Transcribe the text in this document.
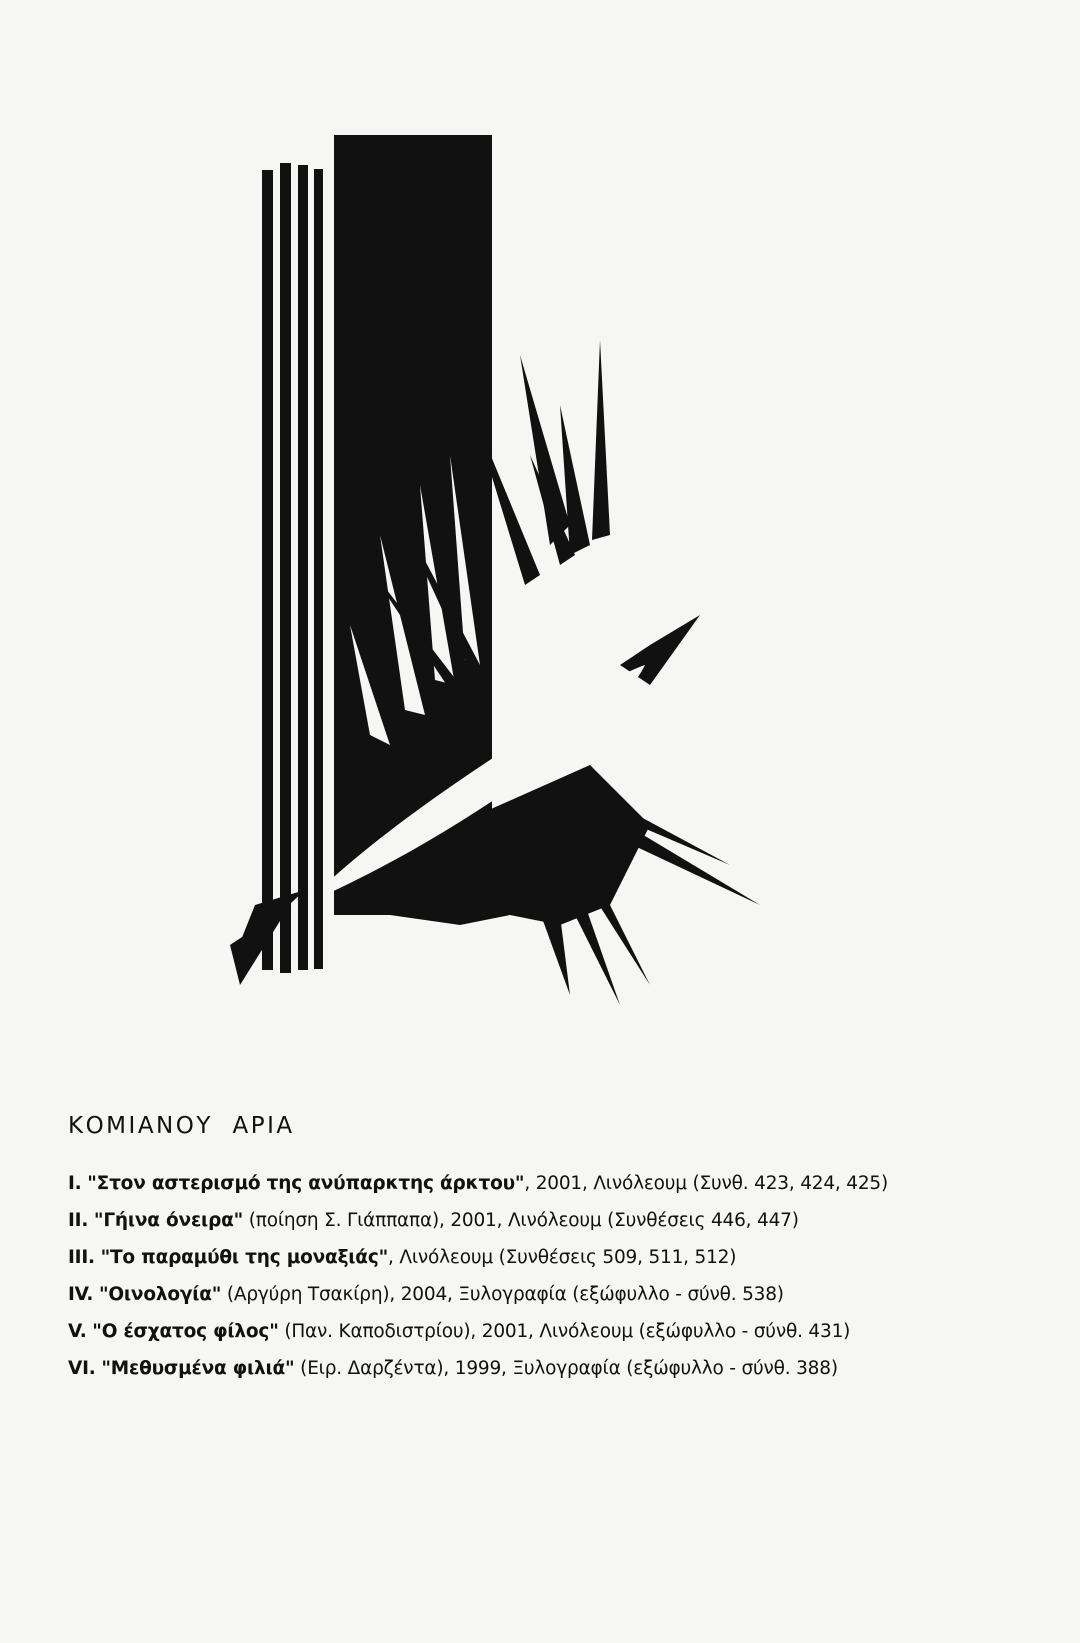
ΚΟΜΙΑΝΟΥ  ΑΡΙΑ
I. "Στον αστερισμό της ανύπαρκτης άρκτου", 2001, Λινόλεουμ (Συνθ. 423, 424, 425)
II. "Γήινα όνειρα" (ποίηση Σ. Γιάππαπα), 2001, Λινόλεουμ (Συνθέσεις 446, 447)
III. "Το παραμύθι της μοναξιάς", Λινόλεουμ (Συνθέσεις 509, 511, 512)
IV. "Οινολογία" (Αργύρη Τσακίρη), 2004, Ξυλογραφία (εξώφυλλο - σύνθ. 538)
V. "Ο έσχατος φίλος" (Παν. Καποδιστρίου), 2001, Λινόλεουμ (εξώφυλλο - σύνθ. 431)
VI. "Μεθυσμένα φιλιά" (Ειρ. Δαρζέντα), 1999, Ξυλογραφία (εξώφυλλο - σύνθ. 388)
